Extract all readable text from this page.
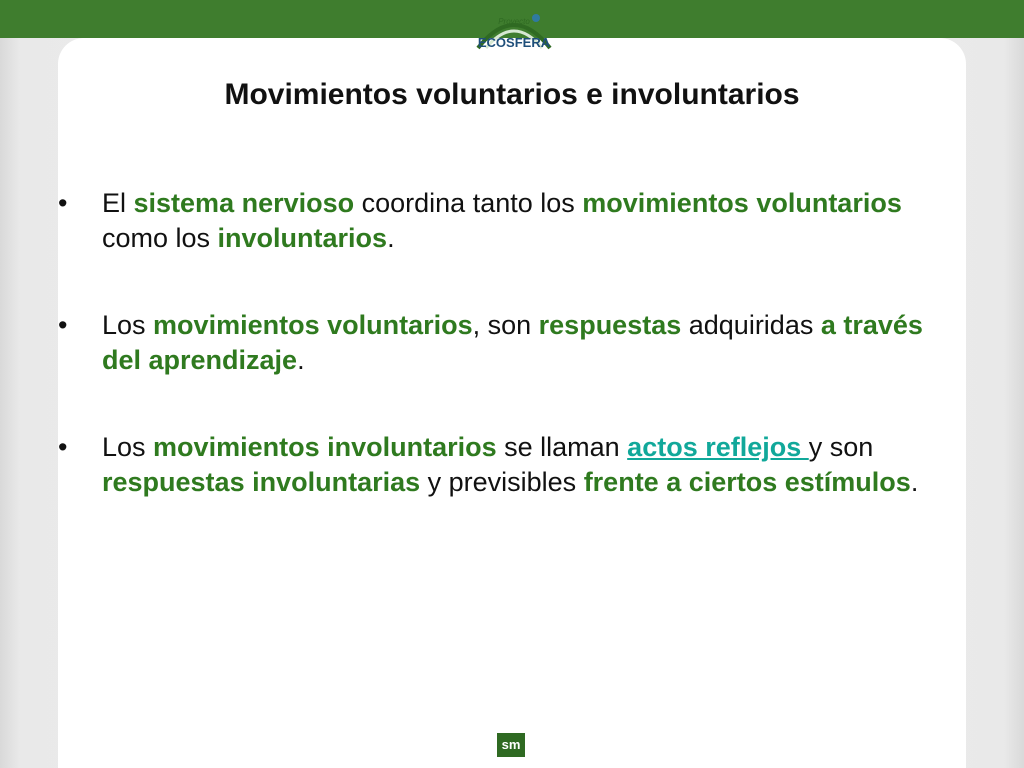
Proyecto
ECOSFERA
Movimientos voluntarios e involuntarios
• El sistema nervioso coordina tanto los movimientos voluntarios como los involuntarios.
• Los movimientos voluntarios, son respuestas adquiridas a través del aprendizaje.
• Los movimientos involuntarios se llaman actos reflejos y son respuestas involuntarias y previsibles frente a ciertos estímulos.
sm
